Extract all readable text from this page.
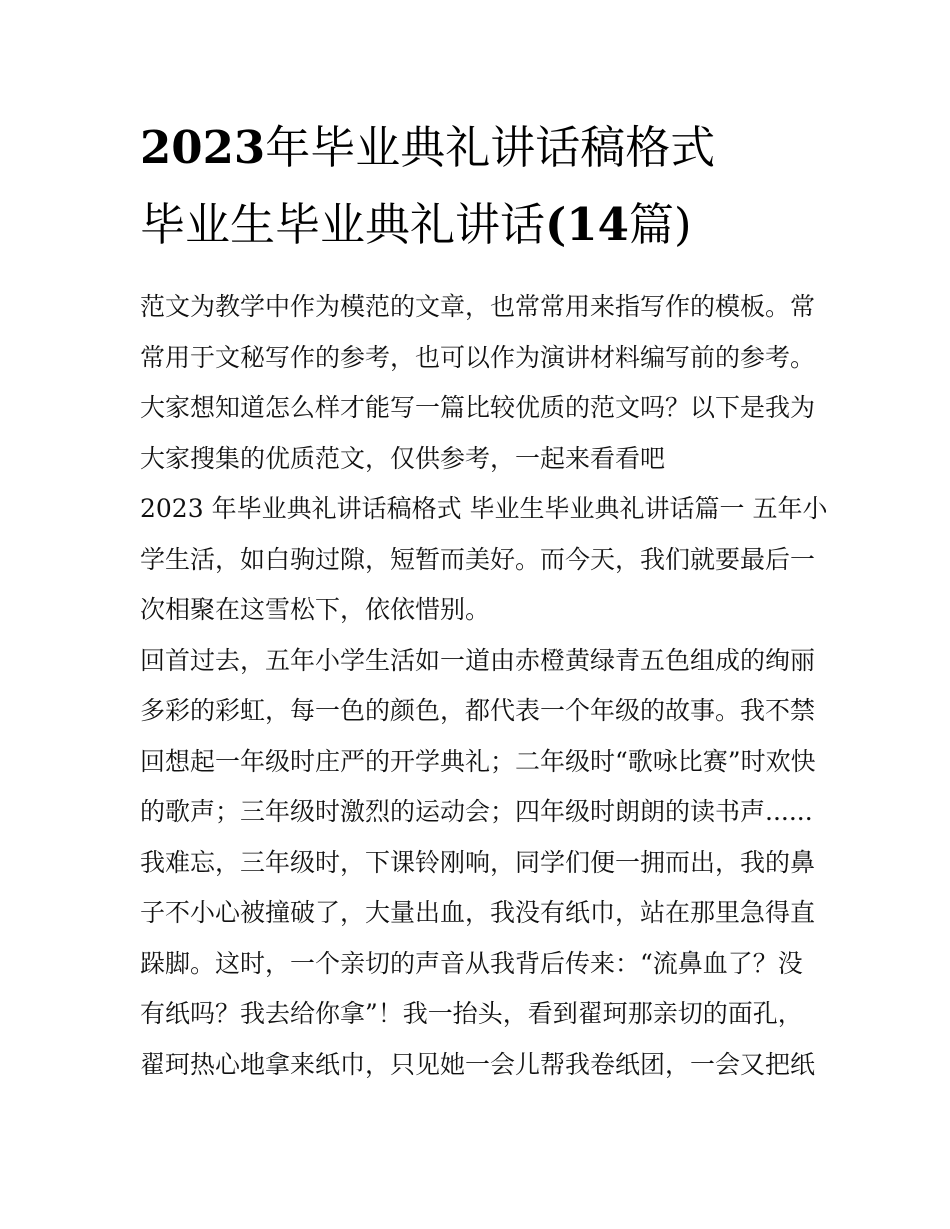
2023年毕业典礼讲话稿格式
毕业生毕业典礼讲话(14篇)
范文为教学中作为模范的文章，也常常用来指写作的模板。常
常用于文秘写作的参考，也可以作为演讲材料编写前的参考。
大家想知道怎么样才能写一篇比较优质的范文吗？以下是我为
大家搜集的优质范文，仅供参考，一起来看看吧
2023 年毕业典礼讲话稿格式 毕业生毕业典礼讲话篇一 五年小
学生活，如白驹过隙，短暂而美好。而今天，我们就要最后一
次相聚在这雪松下，依依惜别。
回首过去，五年小学生活如一道由赤橙黄绿青五色组成的绚丽
多彩的彩虹，每一色的颜色，都代表一个年级的故事。我不禁
回想起一年级时庄严的开学典礼；二年级时“歌咏比赛”时欢快
的歌声；三年级时激烈的运动会；四年级时朗朗的读书声......
我难忘，三年级时，下课铃刚响，同学们便一拥而出，我的鼻
子不小心被撞破了，大量出血，我没有纸巾，站在那里急得直
跺脚。这时，一个亲切的声音从我背后传来：“流鼻血了？没
有纸吗？我去给你拿”！我一抬头，看到翟珂那亲切的面孔，
翟珂热心地拿来纸巾，只见她一会儿帮我卷纸团，一会又把纸
